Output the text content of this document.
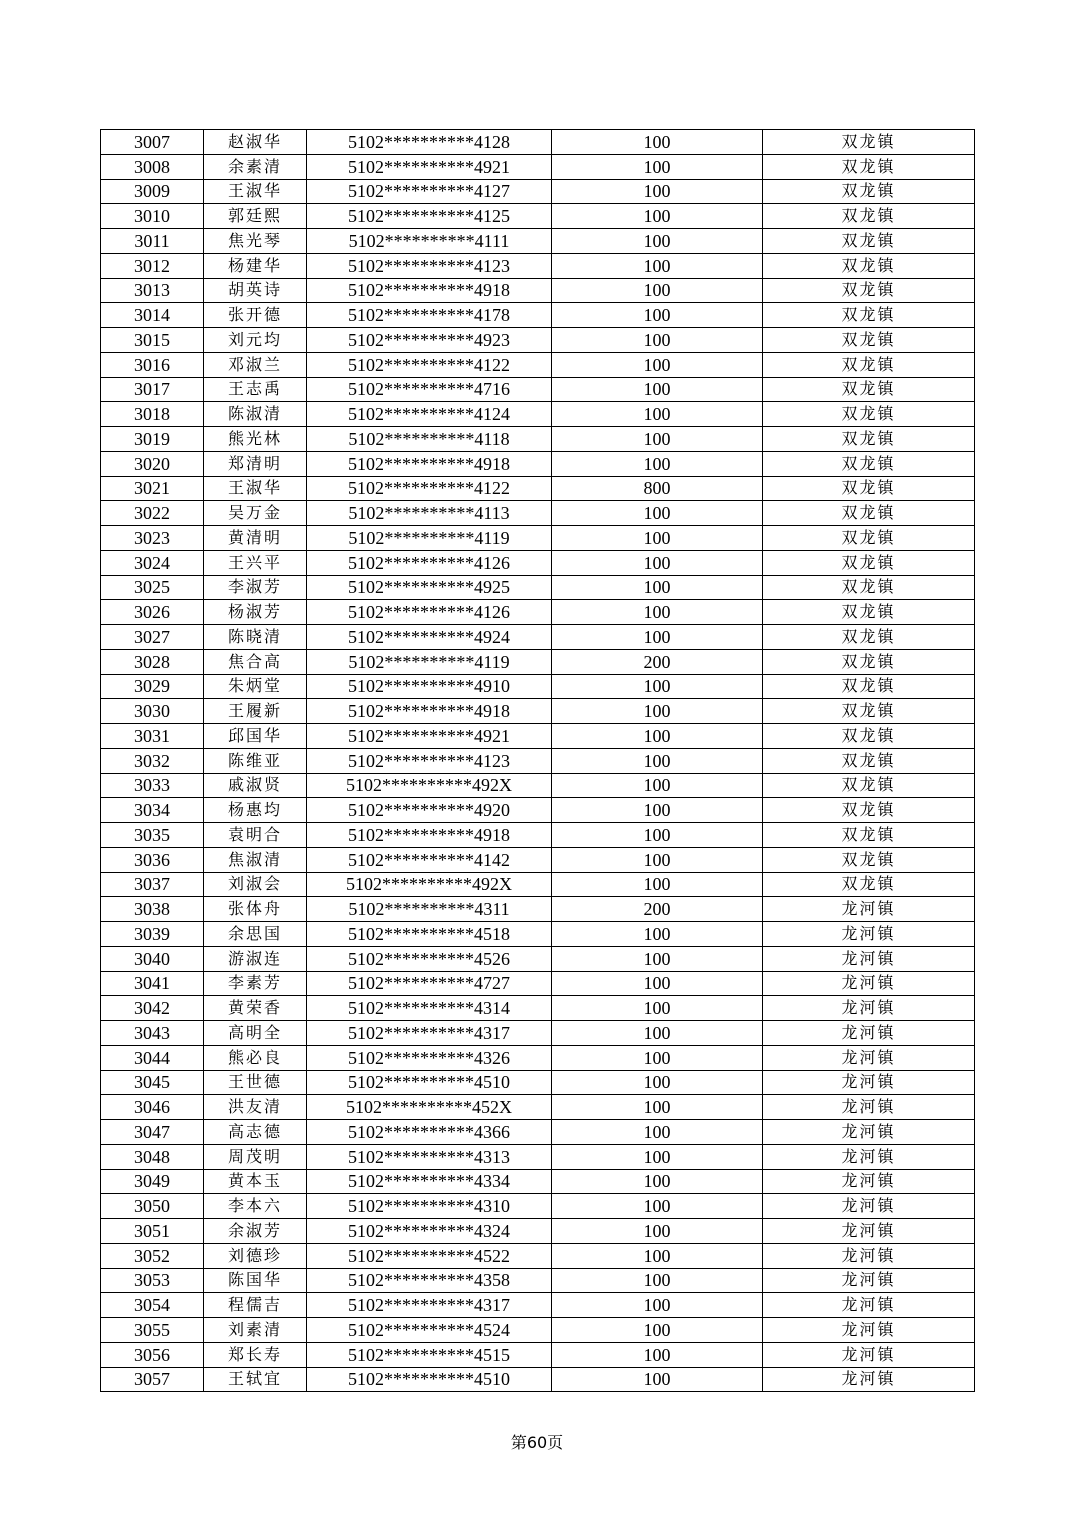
3007	赵淑华	5102**********4128	100	双龙镇
3008	余素清	5102**********4921	100	双龙镇
3009	王淑华	5102**********4127	100	双龙镇
3010	郭廷熙	5102**********4125	100	双龙镇
3011	焦光琴	5102**********4111	100	双龙镇
3012	杨建华	5102**********4123	100	双龙镇
3013	胡英诗	5102**********4918	100	双龙镇
3014	张开德	5102**********4178	100	双龙镇
3015	刘元均	5102**********4923	100	双龙镇
3016	邓淑兰	5102**********4122	100	双龙镇
3017	王志禹	5102**********4716	100	双龙镇
3018	陈淑清	5102**********4124	100	双龙镇
3019	熊光林	5102**********4118	100	双龙镇
3020	郑清明	5102**********4918	100	双龙镇
3021	王淑华	5102**********4122	800	双龙镇
3022	吴万金	5102**********4113	100	双龙镇
3023	黄清明	5102**********4119	100	双龙镇
3024	王兴平	5102**********4126	100	双龙镇
3025	李淑芳	5102**********4925	100	双龙镇
3026	杨淑芳	5102**********4126	100	双龙镇
3027	陈晓清	5102**********4924	100	双龙镇
3028	焦合高	5102**********4119	200	双龙镇
3029	朱炳堂	5102**********4910	100	双龙镇
3030	王履新	5102**********4918	100	双龙镇
3031	邱国华	5102**********4921	100	双龙镇
3032	陈维亚	5102**********4123	100	双龙镇
3033	戚淑贤	5102**********492X	100	双龙镇
3034	杨惠均	5102**********4920	100	双龙镇
3035	袁明合	5102**********4918	100	双龙镇
3036	焦淑清	5102**********4142	100	双龙镇
3037	刘淑会	5102**********492X	100	双龙镇
3038	张体舟	5102**********4311	200	龙河镇
3039	余思国	5102**********4518	100	龙河镇
3040	游淑连	5102**********4526	100	龙河镇
3041	李素芳	5102**********4727	100	龙河镇
3042	黄荣香	5102**********4314	100	龙河镇
3043	高明全	5102**********4317	100	龙河镇
3044	熊必良	5102**********4326	100	龙河镇
3045	王世德	5102**********4510	100	龙河镇
3046	洪友清	5102**********452X	100	龙河镇
3047	高志德	5102**********4366	100	龙河镇
3048	周茂明	5102**********4313	100	龙河镇
3049	黄本玉	5102**********4334	100	龙河镇
3050	李本六	5102**********4310	100	龙河镇
3051	余淑芳	5102**********4324	100	龙河镇
3052	刘德珍	5102**********4522	100	龙河镇
3053	陈国华	5102**********4358	100	龙河镇
3054	程儒吉	5102**********4317	100	龙河镇
3055	刘素清	5102**********4524	100	龙河镇
3056	郑长寿	5102**********4515	100	龙河镇
3057	王轼宜	5102**********4510	100	龙河镇
第60页
